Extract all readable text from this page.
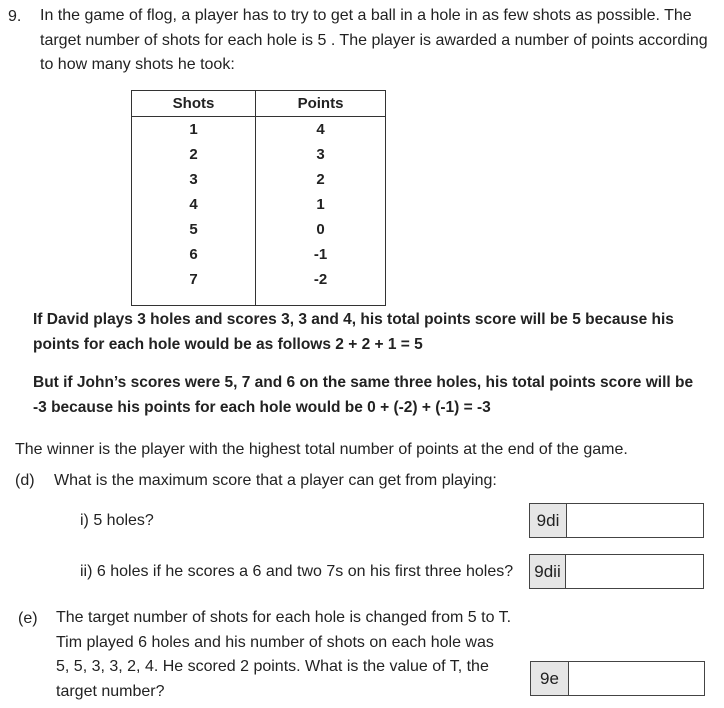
9. In the game of flog, a player has to try to get a ball in a hole in as few shots as possible. The
target number of shots for each hole is 5 . The player is awarded a number of points according
to how many shots he took:
Shots	Points
1	4
2	3
3	2
4	1
5	0
6	-1
7	-2

If David plays 3 holes and scores 3, 3 and 4, his total points score will be 5 because his
points for each hole would be as follows 2 + 2 + 1 = 5
But if John’s scores were 5, 7 and 6 on the same three holes, his total points score will be
-3 because his points for each hole would be 0 + (-2) + (-1) = -3
The winner is the player with the highest total number of points at the end of the game.
(d) What is the maximum score that a player can get from playing:
i) 5 holes?	9di
ii) 6 holes if he scores a 6 and two 7s on his first three holes? 9dii
(e) The target number of shots for each hole is changed from 5 to T.
Tim played 6 holes and his number of shots on each hole was
5, 5, 3, 3, 2, 4. He scored 2 points. What is the value of T, the
target number?
9e
